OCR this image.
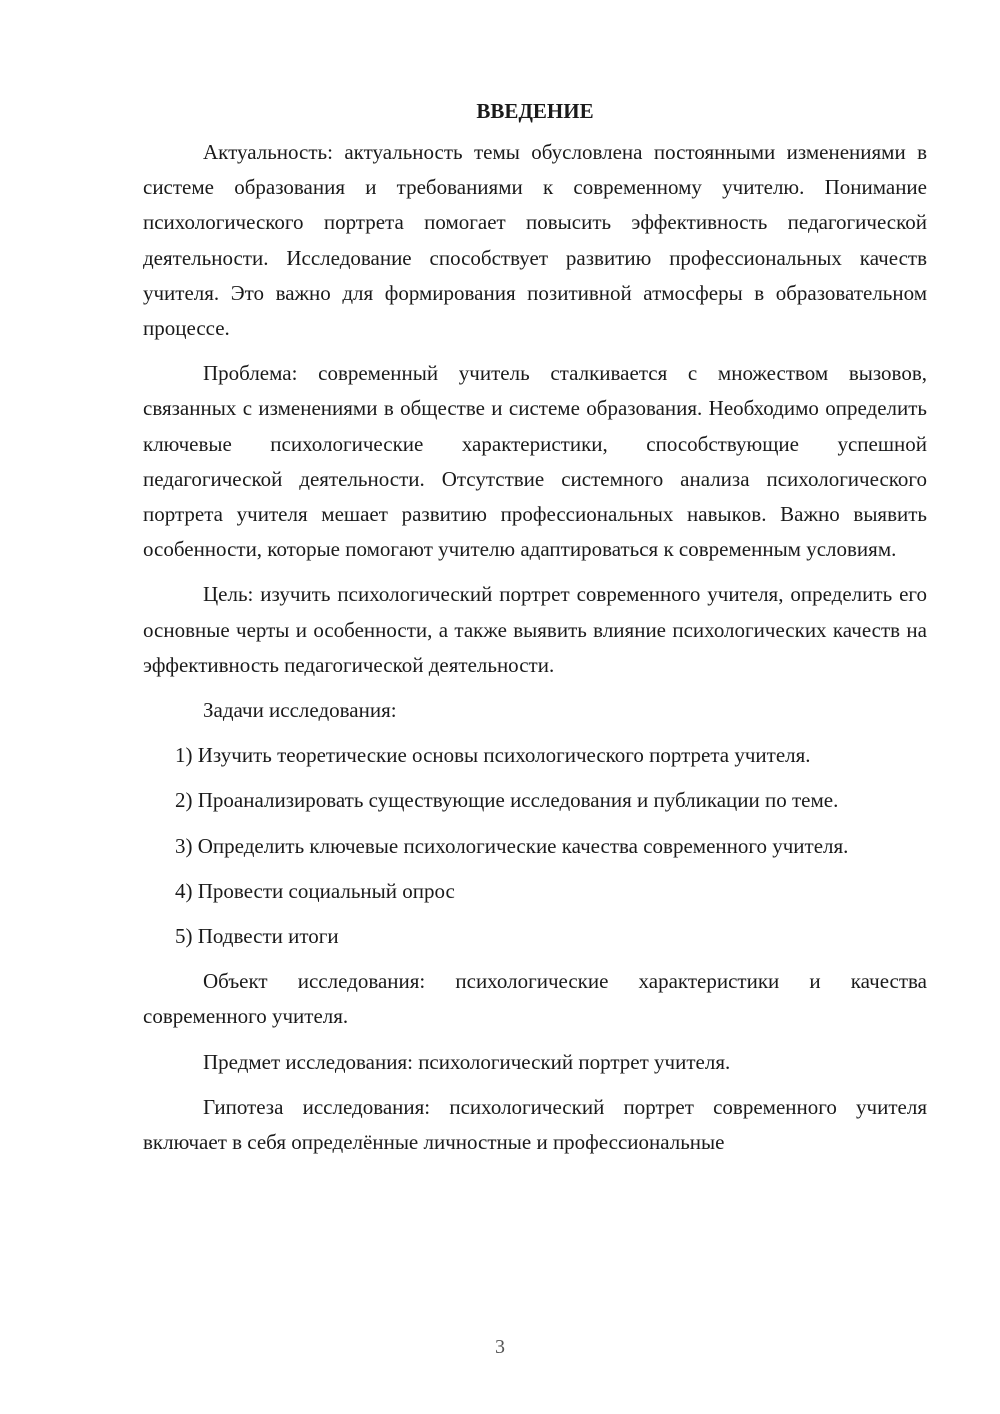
ВВЕДЕНИЕ

Актуальность: актуальность темы обусловлена постоянными изменениями в системе образования и требованиями к современному учителю. Понимание психологического портрета помогает повысить эффективность педагогической деятельности. Исследование способствует развитию профессиональных качеств учителя. Это важно для формирования позитивной атмосферы в образовательном процессе.

Проблема: современный учитель сталкивается с множеством вызовов, связанных с изменениями в обществе и системе образования. Необходимо определить ключевые психологические характеристики, способствующие успешной педагогической деятельности. Отсутствие системного анализа психологического портрета учителя мешает развитию профессиональных навыков. Важно выявить особенности, которые помогают учителю адаптироваться к современным условиям.

Цель: изучить психологический портрет современного учителя, определить его основные черты и особенности, а также выявить влияние психологических качеств на эффективность педагогической деятельности.

Задачи исследования:

1) Изучить теоретические основы психологического портрета учителя.

2) Проанализировать существующие исследования и публикации по теме.

3) Определить ключевые психологические качества современного учителя.

4) Провести социальный опрос

5) Подвести итоги

Объект исследования: психологические характеристики и качества современного учителя.

Предмет исследования: психологический портрет учителя.

Гипотеза исследования: психологический портрет современного учителя включает в себя определённые личностные и профессиональные

3
